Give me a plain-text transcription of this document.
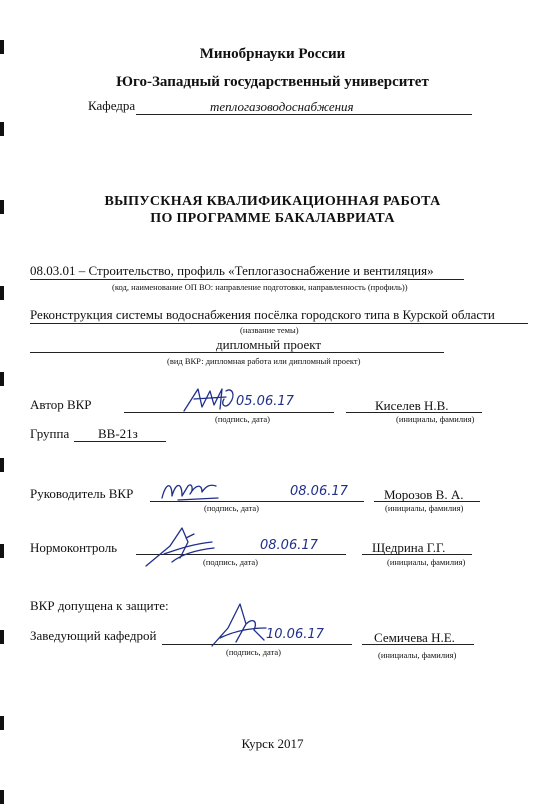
Минобрнауки России
Юго-Западный государственный университет
Кафедра	теплогазоводоснабжения
ВЫПУСКНАЯ КВАЛИФИКАЦИОННАЯ РАБОТА
ПО ПРОГРАММЕ БАКАЛАВРИАТА
08.03.01 – Строительство, профиль «Теплогазоснабжение и вентиляция»
(код, наименование ОП ВО: направление подготовки, направленность (профиль))
Реконструкция системы водоснабжения посёлка городского типа в Курской области
(название темы)
дипломный проект
(вид ВКР: дипломная работа или дипломный проект)
Автор ВКР	05.06.17	Киселев Н.В.
(подпись, дата)	(инициалы, фамилия)
Группа ВВ-21з
Руководитель ВКР	08.06.17	Морозов В. А.
(подпись, дата)	(инициалы, фамилия)
Нормоконтроль	08.06.17	Щедрина Г.Г.
(подпись, дата)	(инициалы, фамилия)
ВКР допущена к защите:
Заведующий кафедрой	10.06.17	Семичева Н.Е.
(подпись, дата)	(инициалы, фамилия)
Курск 2017
